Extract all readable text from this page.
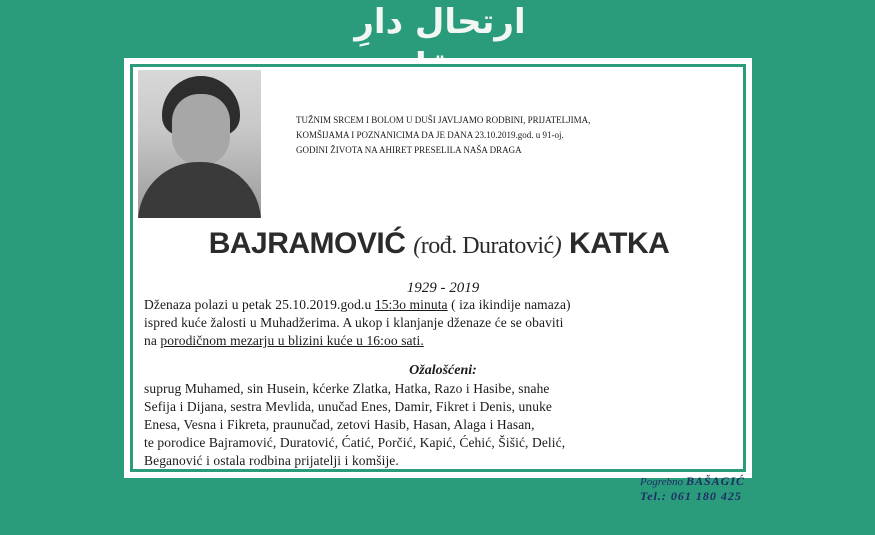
ارتحال دارِ
TUŽNIM SRCEM I BOLOM U DUŠI JAVLJAMO RODBINI, PRIJATELJIMA,
KOMŠIJAMA I POZNANICIMA DA JE DANA 23.10.2019.god. u 91-oj.
GODINI ŽIVOTA NA AHIRET PRESELILA NAŠA DRAGA
BAJRAMOVIĆ (rođ. Duratović) KATKA
1929 - 2019
Dženaza polazi u petak 25.10.2019.god.u 15:3o minuta ( iza ikindije namaza)
ispred kuće žalosti u Muhadžerima. A ukop i klanjanje dženaze će se obaviti
na porodičnom mezarju u blizini kuće u 16:oo sati.
Ožalošćeni:
suprug Muhamed, sin Husein, kćerke Zlatka, Hatka, Razo i Hasibe, snahe
Sefija i Dijana, sestra Mevlida, unučad Enes, Damir, Fikret i Denis, unuke
Enesa, Vesna i Fikreta, praunučad, zetovi Hasib, Hasan, Alaga i Hasan,
te porodice Bajramović, Duratović, Ćatić, Porčić, Kapić, Ćehić, Šišić, Delić,
Beganović i ostala rodbina prijatelji i komšije.
Pogrebno BAŠAGIĆ
Tel.: 061 180 425
